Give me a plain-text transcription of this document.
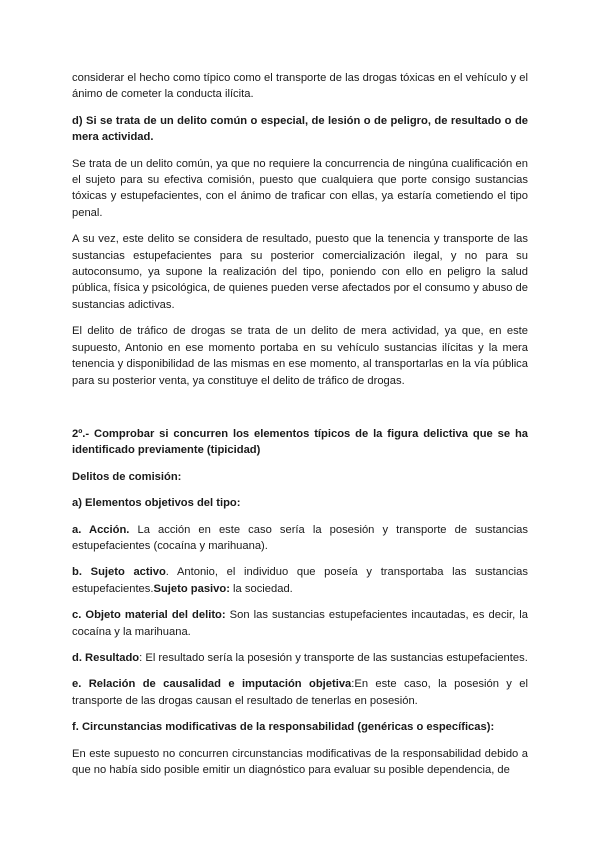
considerar el hecho como típico como el transporte de las drogas tóxicas en el vehículo y el ánimo de cometer la conducta ilícita.

d) Si se trata de un delito común o especial, de lesión o de peligro, de resultado o de mera actividad.

Se trata de un delito común, ya que no requiere la concurrencia de ningúna cualificación en el sujeto para su efectiva comisión, puesto que cualquiera que porte consigo sustancias tóxicas y estupefacientes, con el ánimo de traficar con ellas, ya estaría cometiendo el tipo penal.

A su vez, este delito se considera de resultado, puesto que la tenencia y transporte de las sustancias estupefacientes para su posterior comercialización ilegal, y no para su autoconsumo, ya supone la realización del tipo, poniendo con ello en peligro la salud pública, física y psicológica, de quienes pueden verse afectados por el consumo y abuso de sustancias adictivas.

El delito de tráfico de drogas se trata de un delito de mera actividad, ya que, en este supuesto, Antonio en ese momento portaba en su vehículo sustancias ilícitas y la mera tenencia y disponibilidad de las mismas en ese momento, al transportarlas en la vía pública para su posterior venta, ya constituye el delito de tráfico de drogas.

2º.- Comprobar si concurren los elementos típicos de la figura delictiva que se ha identificado previamente (tipicidad)

Delitos de comisión:

a) Elementos objetivos del tipo:

a. Acción. La acción en este caso sería la posesión y transporte de sustancias estupefacientes (cocaína y marihuana).

b. Sujeto activo. Antonio, el individuo que poseía y transportaba las sustancias estupefacientes.Sujeto pasivo: la sociedad.

c. Objeto material del delito: Son las sustancias estupefacientes incautadas, es decir, la cocaína y la marihuana.

d. Resultado: El resultado sería la posesión y transporte de las sustancias estupefacientes.

e. Relación de causalidad e imputación objetiva:En este caso, la posesión y el transporte de las drogas causan el resultado de tenerlas en posesión.

f. Circunstancias modificativas de la responsabilidad (genéricas o específicas):

En este supuesto no concurren circunstancias modificativas de la responsabilidad debido a que no había sido posible emitir un diagnóstico para evaluar su posible dependencia, de
